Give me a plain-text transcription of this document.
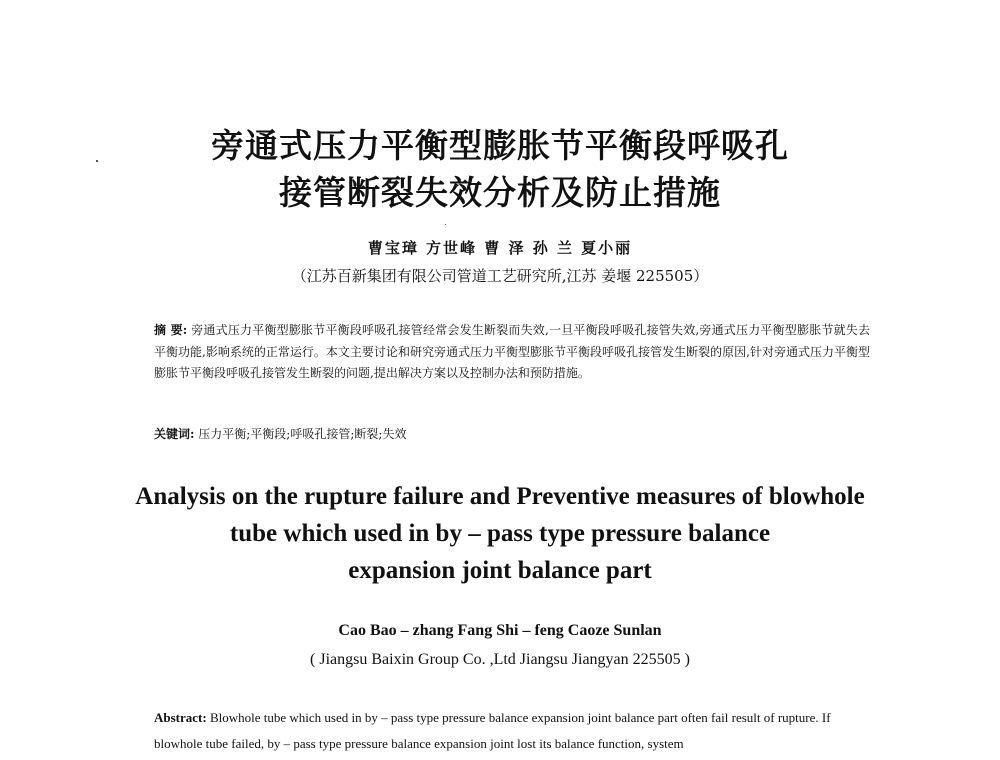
旁通式压力平衡型膨胀节平衡段呼吸孔
接管断裂失效分析及防止措施
曹宝璋 方世峰 曹 泽 孙 兰 夏小丽
（江苏百新集团有限公司管道工艺研究所,江苏 姜堰 225505）
摘 要: 旁通式压力平衡型膨胀节平衡段呼吸孔接管经常会发生断裂而失效,一旦平衡段呼吸孔接管失效,旁通式压力平衡型膨胀节就失去平衡功能,影响系统的正常运行。本文主要讨论和研究旁通式压力平衡型膨胀节平衡段呼吸孔接管发生断裂的原因,针对旁通式压力平衡型膨胀节平衡段呼吸孔接管发生断裂的问题,提出解决方案以及控制办法和预防措施。
关键词: 压力平衡;平衡段;呼吸孔接管;断裂;失效
Analysis on the rupture failure and Preventive measures of blowhole
tube which used in by – pass type pressure balance
expansion joint balance part
Cao Bao – zhang Fang Shi – feng Caoze Sunlan
( Jiangsu Baixin Group Co. ,Ltd Jiangsu Jiangyan 225505 )
Abstract: Blowhole tube which used in by – pass type pressure balance expansion joint balance part often fail result of rupture. If blowhole tube failed, by – pass type pressure balance expansion joint lost its balance function, system
